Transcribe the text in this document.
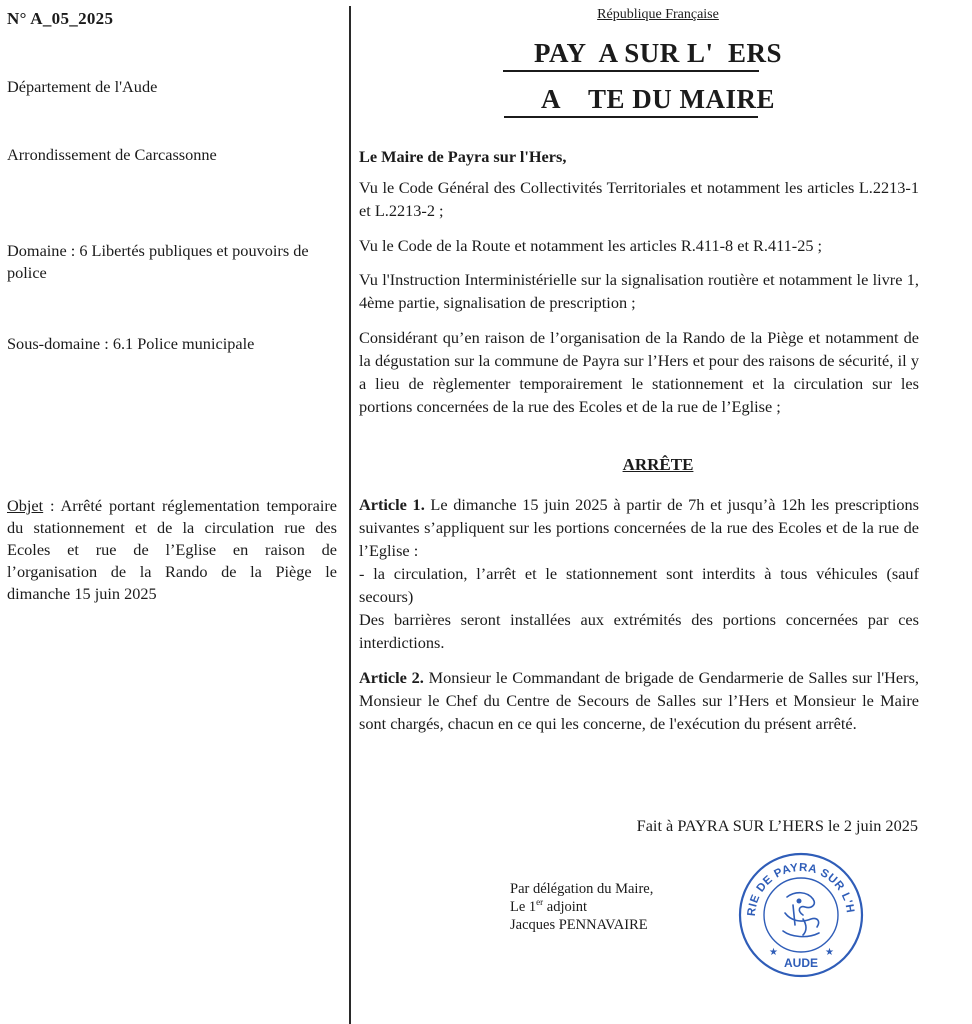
N° A_05_2025
Département de l'Aude
Arrondissement de Carcassonne
Domaine : 6 Libertés publiques et pouvoirs de police
Sous-domaine : 6.1 Police municipale
Objet : Arrêté portant réglementation temporaire du stationnement et de la circulation rue des Ecoles et rue de l’Eglise en raison de l’organisation de la Rando de la Piège le dimanche 15 juin 2025
République Française
PAY  A SUR L'  ERS
A    TE DU MAIRE
Le Maire de Payra sur l'Hers,
Vu le Code Général des Collectivités Territoriales et notamment les articles L.2213-1 et L.2213-2 ;
Vu le Code de la Route et notamment les articles R.411-8 et R.411-25 ;
Vu l'Instruction Interministérielle sur la signalisation routière et notamment le livre 1, 4ème partie, signalisation de prescription ;
Considérant qu’en raison de l’organisation de la Rando de la Piège et notamment de la dégustation sur la commune de Payra sur l’Hers et pour des raisons de sécurité, il y a lieu de règlementer temporairement le stationnement et la circulation sur les portions concernées de la rue des Ecoles et de la rue de l’Eglise ;
ARRÊTE
Article 1. Le dimanche 15 juin 2025 à partir de 7h et jusqu’à 12h les prescriptions suivantes s’appliquent sur les portions concernées de la rue des Ecoles et de la rue de l’Eglise :
- la circulation, l’arrêt et le stationnement sont interdits à tous véhicules (sauf secours)
Des barrières seront installées aux extrémités des portions concernées par ces interdictions.
Article 2. Monsieur le Commandant de brigade de Gendarmerie de Salles sur l'Hers, Monsieur le Chef du Centre de Secours de Salles sur l’Hers et Monsieur le Maire sont chargés, chacun en ce qui les concerne, de l'exécution du présent arrêté.
Fait à PAYRA SUR L’HERS le 2 juin 2025
Par délégation du Maire,
Le 1er adjoint
Jacques PENNAVAIRE
RIE DE PAYRA SUR L'H
AUDE
★	★
